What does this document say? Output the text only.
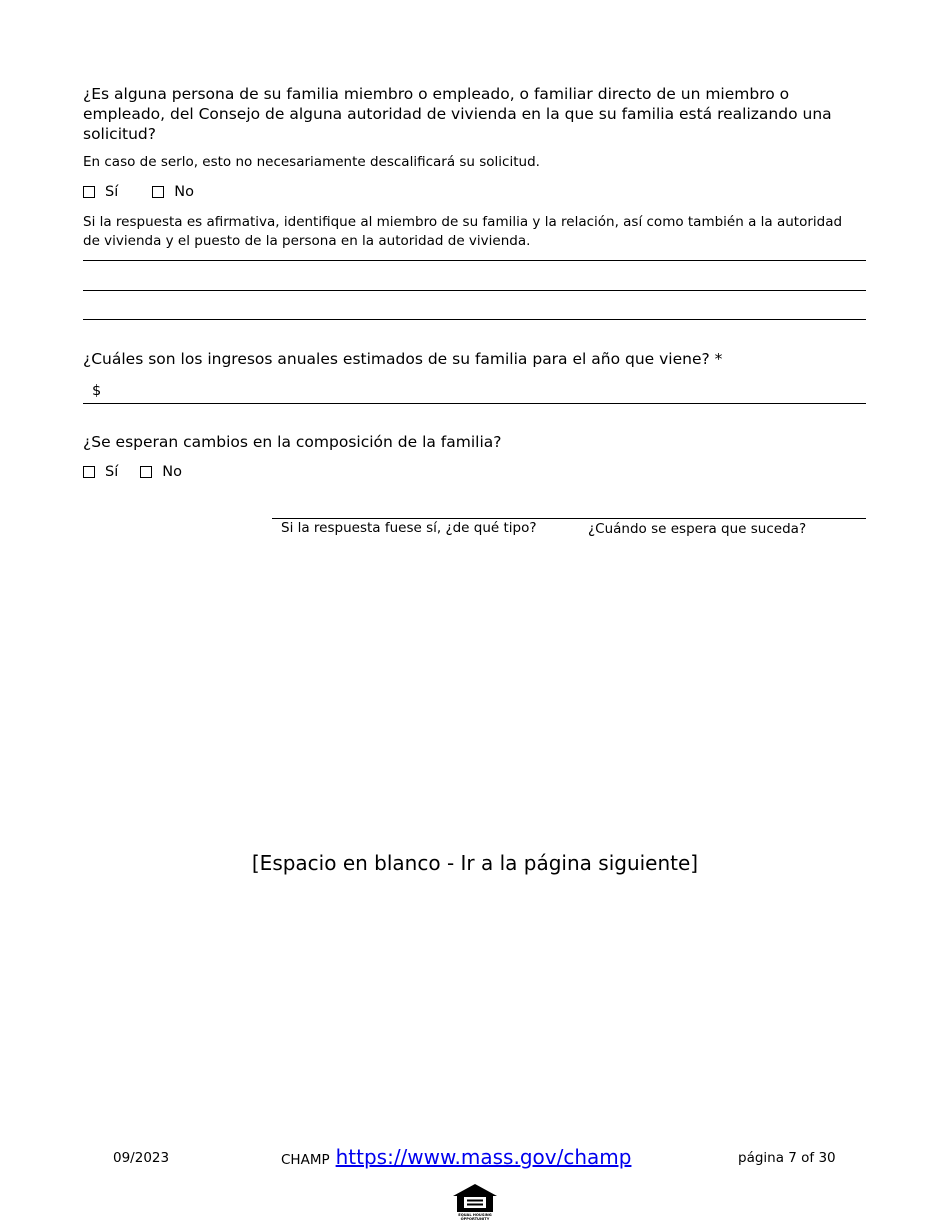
¿Es alguna persona de su familia miembro o empleado, o familiar directo de un miembro o empleado, del Consejo de alguna autoridad de vivienda en la que su familia está realizando una solicitud?
En caso de serlo, esto no necesariamente descalificará su solicitud.
Sí	No
Si la respuesta es afirmativa, identifique al miembro de su familia y la relación, así como también a la autoridad de vivienda y el puesto de la persona en la autoridad de vivienda.
¿Cuáles son los ingresos anuales estimados de su familia para el año que viene? *
$
¿Se esperan cambios en la composición de la familia?
Sí	No
Si la respuesta fuese sí, ¿de qué tipo?	¿Cuándo se espera que suceda?
[Espacio en blanco - Ir a la página siguiente]
09/2023	CHAMP https://www.mass.gov/champ	página 7 of 30
EQUAL HOUSING OPPORTUNITY
